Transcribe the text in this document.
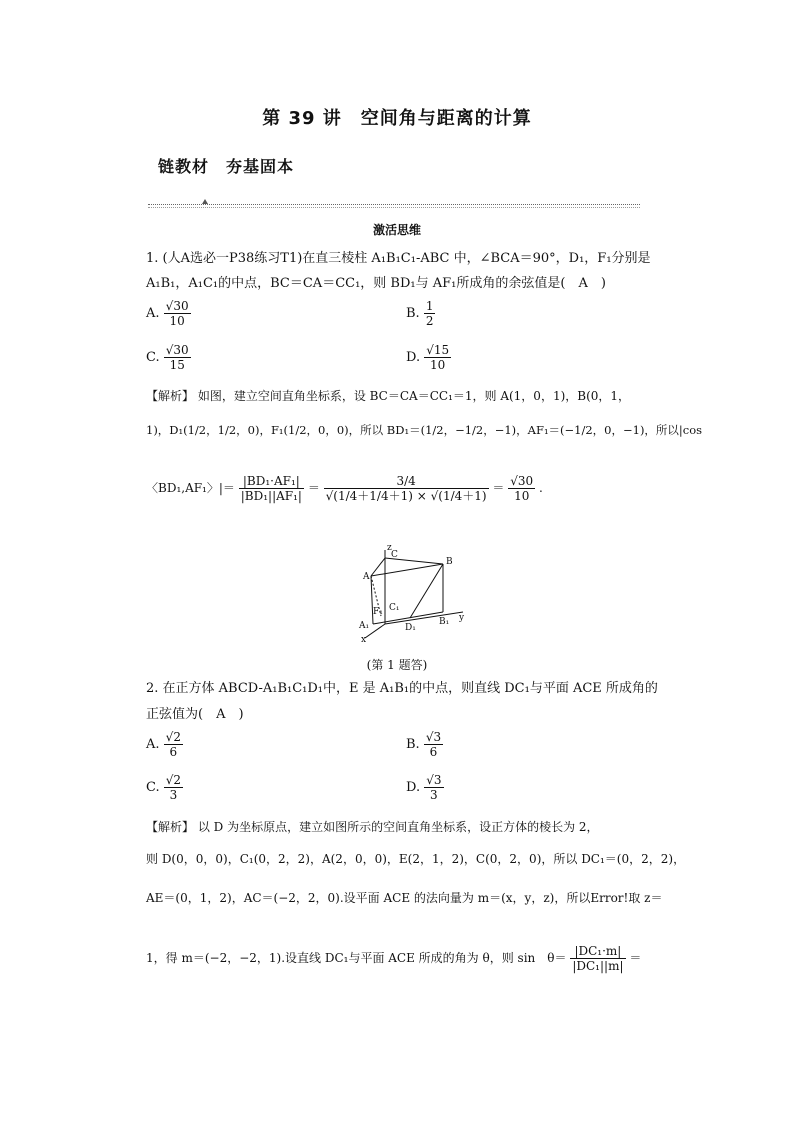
第 39 讲　空间角与距离的计算
链教材　夯基固本
激活思维
1. (人A选必一P38练习T1)在直三棱柱 A₁B₁C₁-ABC 中，∠BCA＝90°，D₁，F₁分别是
A₁B₁，A₁C₁的中点，BC＝CA＝CC₁，则 BD₁与 AF₁所成角的余弦值是(　A　)
A. $\frac{√30}{10}$	B. $\frac{1}{2}$
C. $\frac{√30}{15}$	D. $\frac{√15}{10}$
【解析】 如图，建立空间直角坐标系，设 BC＝CA＝CC₁＝1，则 A(1，0，1)，B(0，1，
1)，D₁(1/2，1/2，0)，F₁(1/2，0，0)，所以 BD₁＝(1/2，−1/2，−1)，AF₁＝(−1/2，0，−1)，所以|cos
〈BD₁,AF₁〉|＝ $\frac{\text{|BD₁·AF₁|}}{\text{|BD₁||AF₁|}} = \frac{3/4}{√(1/4+1/4+1) \times √(1/4+1)} = \frac{√30}{10}$ .
z
C
B
A
F₁ C₁
A₁	D₁
B₁ y
x
(第 1 题答)
2. 在正方体 ABCD-A₁B₁C₁D₁中，E 是 A₁B₁的中点，则直线 DC₁与平面 ACE 所成角的
正弦值为(　A　)
A. $\frac{√2}{6}$	B. $\frac{√3}{6}$
C. $\frac{√2}{3}$	D. $\frac{√3}{3}$
【解析】 以 D 为坐标原点，建立如图所示的空间直角坐标系，设正方体的棱长为 2，
则 D(0，0，0)，C₁(0，2，2)，A(2，0，0)，E(2，1，2)，C(0，2，0)，所以 DC₁＝(0，2，2)，
AE＝(0，1，2)，AC＝(−2，2，0).设平面 ACE 的法向量为 m＝(x，y，z)，所以Error!取 z＝
1，得 m＝(−2，−2，1).设直线 DC₁与平面 ACE 所成的角为 θ，则 sin　$\theta= \frac{\text{|DC₁·m|}}{\text{|DC₁||m|}}$ ＝
